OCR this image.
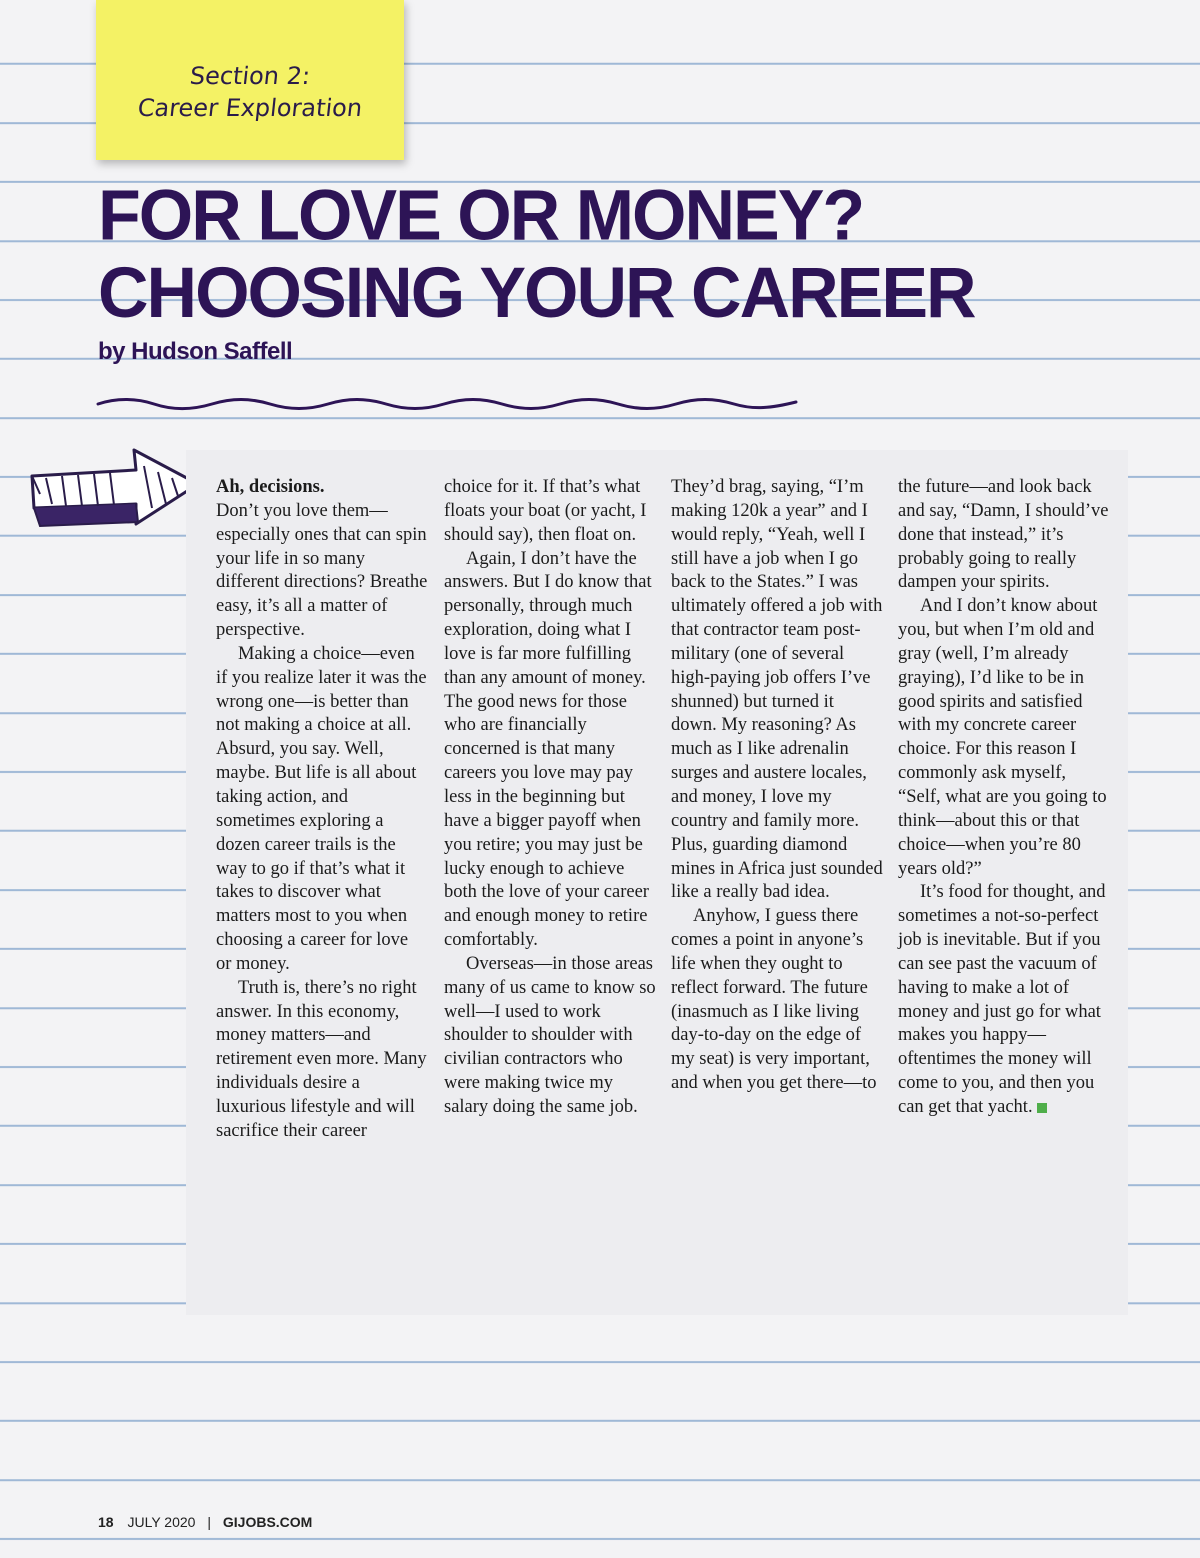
Section 2:
Career Exploration
FOR LOVE OR MONEY?
CHOOSING YOUR CAREER
by Hudson Saffell

Ah, decisions.

Don’t you love them—especially ones that can spin your life in so many different directions? Breathe easy, it’s all a matter of perspective.

Making a choice—even if you realize later it was the wrong one—is better than not making a choice at all. Absurd, you say. Well, maybe. But life is all about taking action, and sometimes exploring a dozen career trails is the way to go if that’s what it takes to discover what matters most to you when choosing a career for love or money.

Truth is, there’s no right answer. In this economy, money matters—and retirement even more. Many individuals desire a luxurious lifestyle and will sacrifice their career

choice for it. If that’s what floats your boat (or yacht, I should say), then float on.

Again, I don’t have the answers. But I do know that personally, through much exploration, doing what I love is far more fulfilling than any amount of money. The good news for those who are financially concerned is that many careers you love may pay less in the beginning but have a bigger payoff when you retire; you may just be lucky enough to achieve both the love of your career and enough money to retire comfortably.

Overseas—in those areas many of us came to know so well—I used to work shoulder to shoulder with civilian contractors who were making twice my salary doing the same job.

They’d brag, saying, “I’m making 120k a year” and I would reply, “Yeah, well I still have a job when I go back to the States.” I was ultimately offered a job with that contractor team post-military (one of several high-paying job offers I’ve shunned) but turned it down. My reasoning? As much as I like adrenalin surges and austere locales, and money, I love my country and family more. Plus, guarding diamond mines in Africa just sounded like a really bad idea.

Anyhow, I guess there comes a point in anyone’s life when they ought to reflect forward. The future (inasmuch as I like living day-to-day on the edge of my seat) is very important, and when you get there—to

the future—and look back and say, “Damn, I should’ve done that instead,” it’s probably going to really dampen your spirits.

And I don’t know about you, but when I’m old and gray (well, I’m already graying), I’d like to be in good spirits and satisfied with my concrete career choice. For this reason I commonly ask myself, “Self, what are you going to think—about this or that choice—when you’re 80 years old?”

It’s food for thought, and sometimes a not-so-perfect job is inevitable. But if you can see past the vacuum of having to make a lot of money and just go for what makes you happy—oftentimes the money will come to you, and then you can get that yacht.

18 JULY 2020 | GIJOBS.COM
